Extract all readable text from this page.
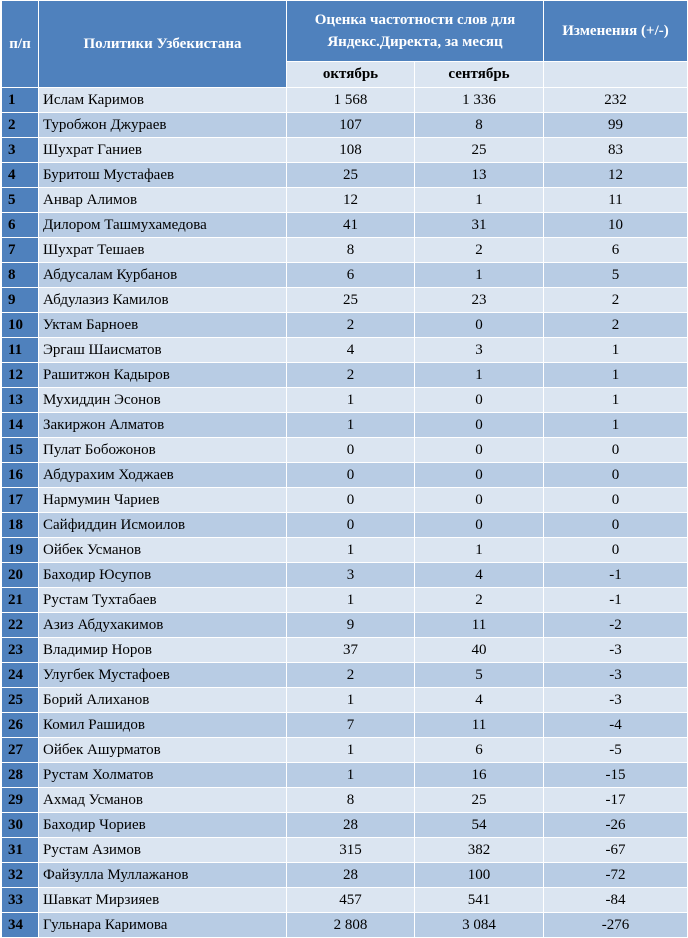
п/п	Политики Узбекистана	Оценка частотности слов для Яндекс.Директа, за месяц		Изменения (+/-)
		октябрь	сентябрь	
1	Ислам Каримов	1 568	1 336	232
2	Туробжон Джураев	107	8	99
3	Шухрат Ганиев	108	25	83
4	Буритош Мустафаев	25	13	12
5	Анвар Алимов	12	1	11
6	Дилором Ташмухамедова	41	31	10
7	Шухрат Тешаев	8	2	6
8	Абдусалам Курбанов	6	1	5
9	Абдулазиз Камилов	25	23	2
10	Уктам Барноев	2	0	2
11	Эргаш Шаисматов	4	3	1
12	Рашитжон Кадыров	2	1	1
13	Мухиддин Эсонов	1	0	1
14	Закиржон Алматов	1	0	1
15	Пулат Бобожонов	0	0	0
16	Абдурахим Ходжаев	0	0	0
17	Нармумин Чариев	0	0	0
18	Сайфиддин Исмоилов	0	0	0
19	Ойбек Усманов	1	1	0
20	Баходир Юсупов	3	4	-1
21	Рустам Тухтабаев	1	2	-1
22	Азиз Абдухакимов	9	11	-2
23	Владимир Норов	37	40	-3
24	Улугбек Мустафоев	2	5	-3
25	Борий Алиханов	1	4	-3
26	Комил Рашидов	7	11	-4
27	Ойбек Ашурматов	1	6	-5
28	Рустам Холматов	1	16	-15
29	Ахмад Усманов	8	25	-17
30	Баходир Чориев	28	54	-26
31	Рустам Азимов	315	382	-67
32	Файзулла Муллажанов	28	100	-72
33	Шавкат Мирзияев	457	541	-84
34	Гульнара Каримова	2 808	3 084	-276
